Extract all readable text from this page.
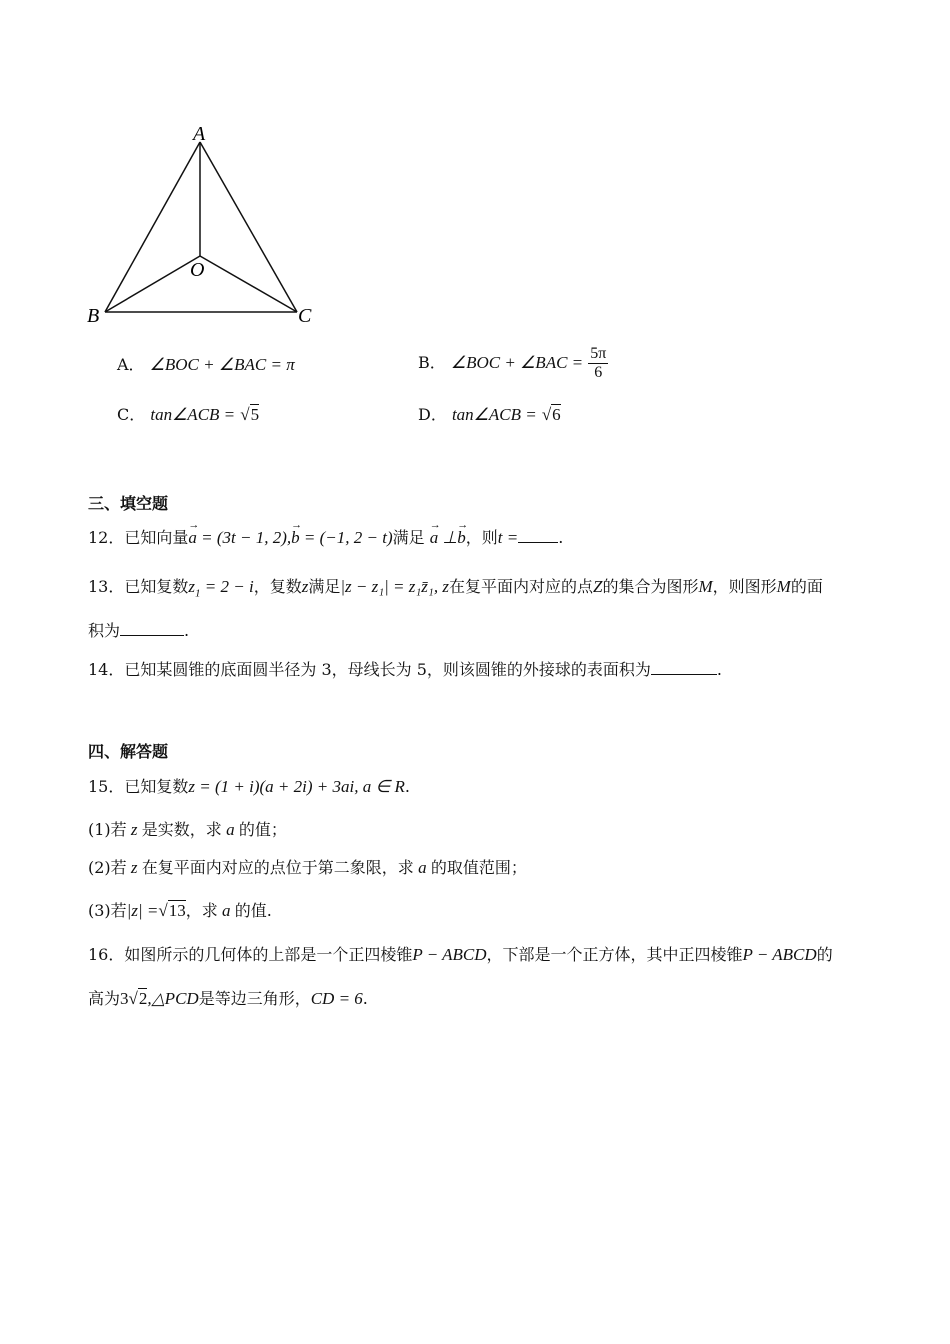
A
O
B	C
A． ∠BOC + ∠BAC = π	B． ∠BOC + ∠BAC = $\frac{5\pi}{6}$
C． tan∠ACB = √5	D． tan∠ACB = √6
三、填空题
12．已知向量→ a = (3t − 1, 2),→ b = (−1, 2 − t)满足 → a ⊥→ b，则t =	.
13．已知复数$z_1 = 2 - i$，复数z满足|z − z₁| = z₁z̄₁, z在复平面内对应的点Z的集合为图形M，则图形M的面
积为	.
14．已知某圆锥的底面圆半径为 3，母线长为 5，则该圆锥的外接球的表面积为	.
四、解答题
15．已知复数z = (1 + i)(a + 2i) + 3ai, a ∈ R.
(1)若 z 是实数，求 a 的值；
(2)若 z 在复平面内对应的点位于第二象限，求 a 的取值范围；
(3)若|z| =√13，求 a 的值.
16．如图所示的几何体的上部是一个正四棱锥P − ABCD，下部是一个正方体，其中正四棱锥P − ABCD的
高为3√2,△PCD是等边三角形，CD = 6.
